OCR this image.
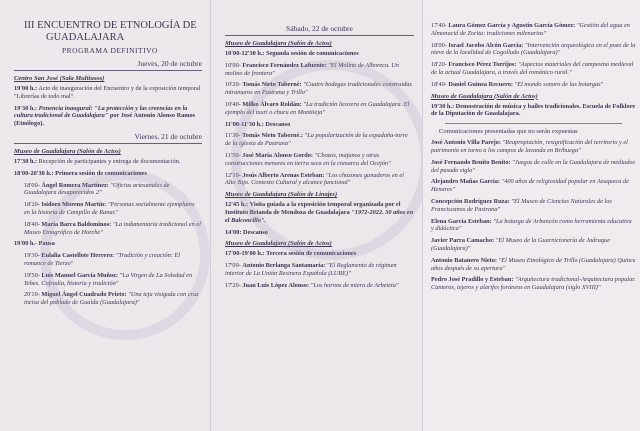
III ENCUENTRO DE ETNOLOGÍA DE
GUADALAJARA
PROGRAMA DEFINITIVO
Jueves, 20 de octubre
Centro San José (Sala Multiusos)
19'00 h.: Acto de inauguración del Encuentro y de la exposición temporal "Librerías de todo mal".
19'30 h.: Ponencia inaugural: "La protección y las creencias en la cultura tradicional de Guadalajara" por José Antonio Alonso Ramos (Etnólogo).
Viernes, 21 de octubre
Museo de Guadalajara (Salón de Actos)
17'30 h.: Recepción de participantes y entrega de documentación.
18'00-20'30 h.: Primera sesión de comunicaciones
18'00- Ángel Romera Martínez: "Oficios artesanales de Guadalajara desaparecidos 2"
18'20- Isidoro Moreno Martín: "Personas socialmente ejemplares en la historia de Campillo de Ranas"
18'40- María Barca Baldominos: "La indumentaria tradicional en el Museo Etnográfico de Horche"
19'00 h.- Pausa
19'30- Eulalia Castellote Herrero: "Tradición y creación: El romance de Tierzo"
19'50- Luis Manuel García Muñoz: "La Virgen de La Soledad en Yebes. Cofradía, historia y tradición"
20'10- Miguel Ángel Cuadrado Prieto: "Una teja visigoda con cruz incisa del poblado de Gualda (Guadalajara)"
Sábado, 22 de octubre
Museo de Guadalajara (Salón de Actos)
10'00-12'30 h.: Segunda sesión de comunicaciones
10'00- Francisco Fernández Lafuente: "El Molino de Alboreca. Un molino de frontera"
10'20- Tomás Nieto Taberné: "Cuatro bodegas tradicionales construidas intramuros en Pastrana y Trillo"
10'40- Milko Álvaro Roldán: "La tradición licorera en Guadalajara. El ejemplo del txuri o churu en Montiieja"
11'00-11'30 h.: Descanso
11'30- Tomás Nieto Taberné.: "La popularización de la espadaña-torre de la iglesia de Pastrana"
11'50- José María Alonso Gordo: "Chozos, majanos y otras construcciones menores en tierra seca en la comarca del Ocejón"
12'10- Jesús Alberto Arenas Esteban: "Los chozones ganaderos en el Alto Tajo. Contexto Cultural y alcance funcional"
Museo de Guadalajara (Salón de Linajes)
12'45 h.: Visita guiada a la exposición temporal organizada por el Instituto Brianda de Mendoza de Guadalajara "1972-2022. 50 años en el Balconcillo".
14'00: Descanso
Museo de Guadalajara (Salón de Actos)
17'00-19'00 h.: Tercera sesión de comunicaciones
17'00- Antonio Berlanga Santamaría: "El Reglamento de régimen interior de La Unión Resinera Española (LURE)"
17'20- Juan Luis López Alonso: "Los hornos de miera de Arbeteta"
17'40- Laura Gómez García y Agustín García Gómez: "Gestión del agua en Almonacid de Zorita: tradiciones milenarias"
18'00- Israel Jacobo Alcón García: "Intervención arqueológica en el pozo de la nieve de la localidad de Cogolludo (Guadalajara)"
18'20- Francisco Pérez Torrijos: "Aspectos materiales del campesino medieval de la actual Guadalajara, a través del románico rural."
18'40- Daniel Guinea Recuero: "El mundo sonoro de las botargas"
Museo de Guadalajara (Salón de Actos)
19'30 h.: Demostración de música y bailes tradicionales. Escuela de Folklore de la Diputación de Guadalajara.
Comunicaciones presentadas que no serán expuestas
José Antonio Villa Parejo: "Reapropiación, resignificación del territorio y el patrimonio en torno a los campos de lavanda en Brihuega"
José Fernando Benito Benito: "Juegos de calle en la Guadalajara de mediados del pasado siglo"
Alejandro Mañas García: "400 años de religiosidad popular en Azuqueca de Henares"
Concepción Rodríguez Ruza: "El Museo de Ciencias Naturales de los Franciscanos de Pastrana"
Elena García Esteban: "La botarga de Arbancón como herramienta educativa y didáctica"
Javier Parra Camacho: "El Museo de la Guarnicionería de Jadraque (Guadalajara)"
Antonio Batanero Nieto: "El Museo Etnológico de Trillo (Guadalajara) Quince años después de su apertura"
Pedro José Pradillo y Esteban: "Arquitectura tradicional-Arquitectura popular. Canteros, tejeros y alarifes foráneos en Guadalajara (siglo XVIII)"
